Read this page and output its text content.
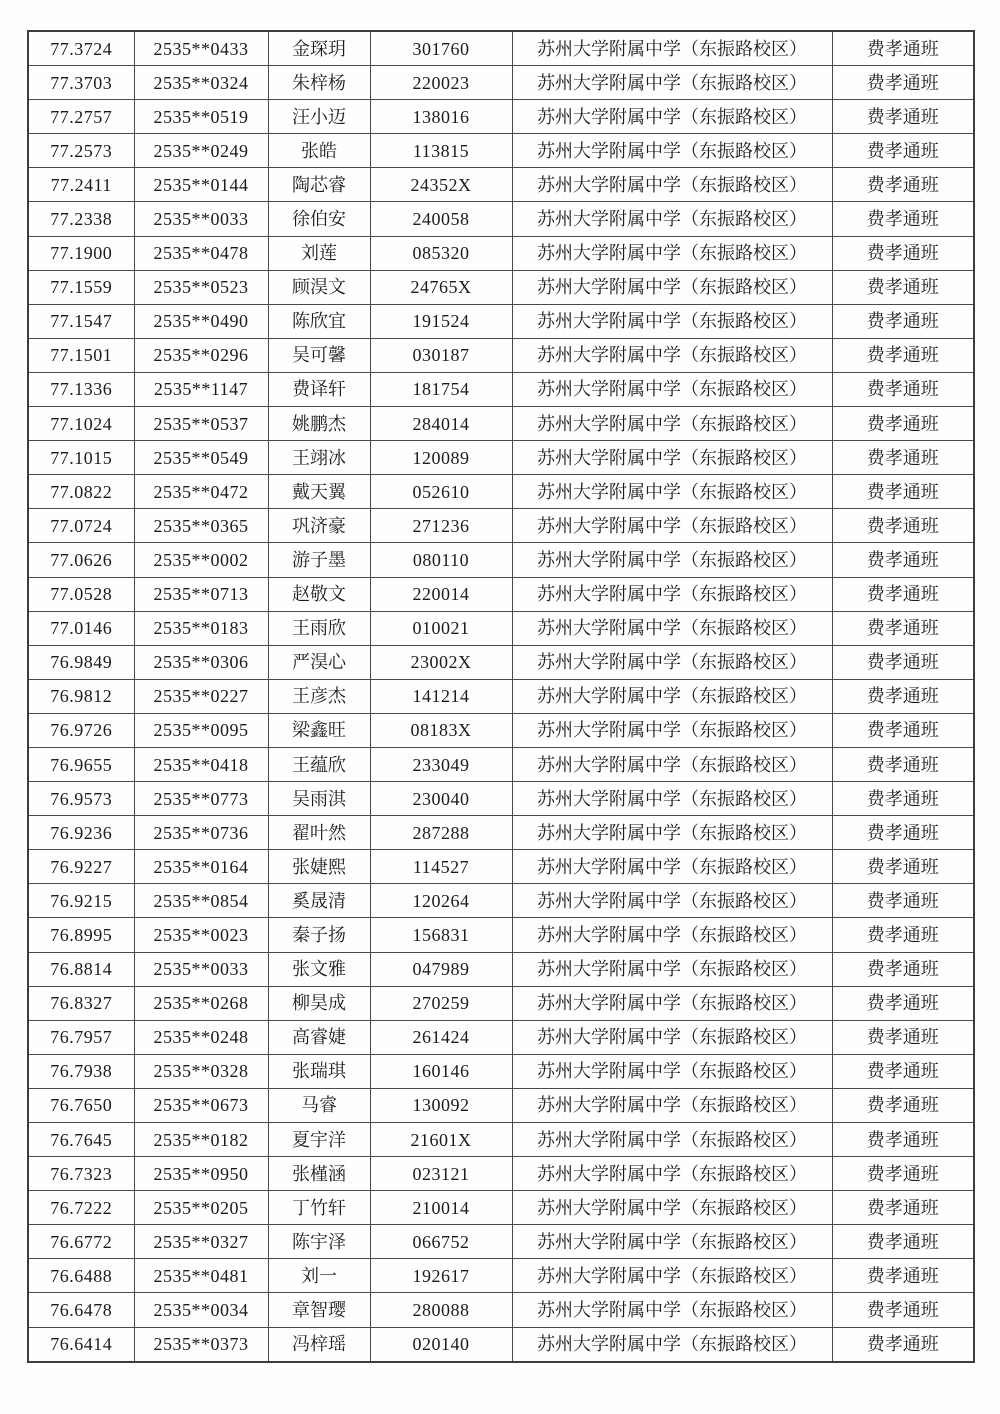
77.3724	2535**0433	金琛玥	301760	苏州大学附属中学（东振路校区）	费孝通班
77.3703	2535**0324	朱梓杨	220023	苏州大学附属中学（东振路校区）	费孝通班
77.2757	2535**0519	汪小迈	138016	苏州大学附属中学（东振路校区）	费孝通班
77.2573	2535**0249	张皓	113815	苏州大学附属中学（东振路校区）	费孝通班
77.2411	2535**0144	陶芯睿	24352X	苏州大学附属中学（东振路校区）	费孝通班
77.2338	2535**0033	徐伯安	240058	苏州大学附属中学（东振路校区）	费孝通班
77.1900	2535**0478	刘莲	085320	苏州大学附属中学（东振路校区）	费孝通班
77.1559	2535**0523	顾淏文	24765X	苏州大学附属中学（东振路校区）	费孝通班
77.1547	2535**0490	陈欣宜	191524	苏州大学附属中学（东振路校区）	费孝通班
77.1501	2535**0296	吴可馨	030187	苏州大学附属中学（东振路校区）	费孝通班
77.1336	2535**1147	费译轩	181754	苏州大学附属中学（东振路校区）	费孝通班
77.1024	2535**0537	姚鹏杰	284014	苏州大学附属中学（东振路校区）	费孝通班
77.1015	2535**0549	王翊冰	120089	苏州大学附属中学（东振路校区）	费孝通班
77.0822	2535**0472	戴天翼	052610	苏州大学附属中学（东振路校区）	费孝通班
77.0724	2535**0365	巩济豪	271236	苏州大学附属中学（东振路校区）	费孝通班
77.0626	2535**0002	游子墨	080110	苏州大学附属中学（东振路校区）	费孝通班
77.0528	2535**0713	赵敬文	220014	苏州大学附属中学（东振路校区）	费孝通班
77.0146	2535**0183	王雨欣	010021	苏州大学附属中学（东振路校区）	费孝通班
76.9849	2535**0306	严淏心	23002X	苏州大学附属中学（东振路校区）	费孝通班
76.9812	2535**0227	王彦杰	141214	苏州大学附属中学（东振路校区）	费孝通班
76.9726	2535**0095	梁鑫旺	08183X	苏州大学附属中学（东振路校区）	费孝通班
76.9655	2535**0418	王蕴欣	233049	苏州大学附属中学（东振路校区）	费孝通班
76.9573	2535**0773	吴雨淇	230040	苏州大学附属中学（东振路校区）	费孝通班
76.9236	2535**0736	翟叶然	287288	苏州大学附属中学（东振路校区）	费孝通班
76.9227	2535**0164	张婕熙	114527	苏州大学附属中学（东振路校区）	费孝通班
76.9215	2535**0854	奚晟清	120264	苏州大学附属中学（东振路校区）	费孝通班
76.8995	2535**0023	秦子扬	156831	苏州大学附属中学（东振路校区）	费孝通班
76.8814	2535**0033	张文雅	047989	苏州大学附属中学（东振路校区）	费孝通班
76.8327	2535**0268	柳昊成	270259	苏州大学附属中学（东振路校区）	费孝通班
76.7957	2535**0248	高睿婕	261424	苏州大学附属中学（东振路校区）	费孝通班
76.7938	2535**0328	张瑞琪	160146	苏州大学附属中学（东振路校区）	费孝通班
76.7650	2535**0673	马睿	130092	苏州大学附属中学（东振路校区）	费孝通班
76.7645	2535**0182	夏宇洋	21601X	苏州大学附属中学（东振路校区）	费孝通班
76.7323	2535**0950	张槿涵	023121	苏州大学附属中学（东振路校区）	费孝通班
76.7222	2535**0205	丁竹轩	210014	苏州大学附属中学（东振路校区）	费孝通班
76.6772	2535**0327	陈宇泽	066752	苏州大学附属中学（东振路校区）	费孝通班
76.6488	2535**0481	刘一	192617	苏州大学附属中学（东振路校区）	费孝通班
76.6478	2535**0034	章智璎	280088	苏州大学附属中学（东振路校区）	费孝通班
76.6414	2535**0373	冯梓瑶	020140	苏州大学附属中学（东振路校区）	费孝通班
